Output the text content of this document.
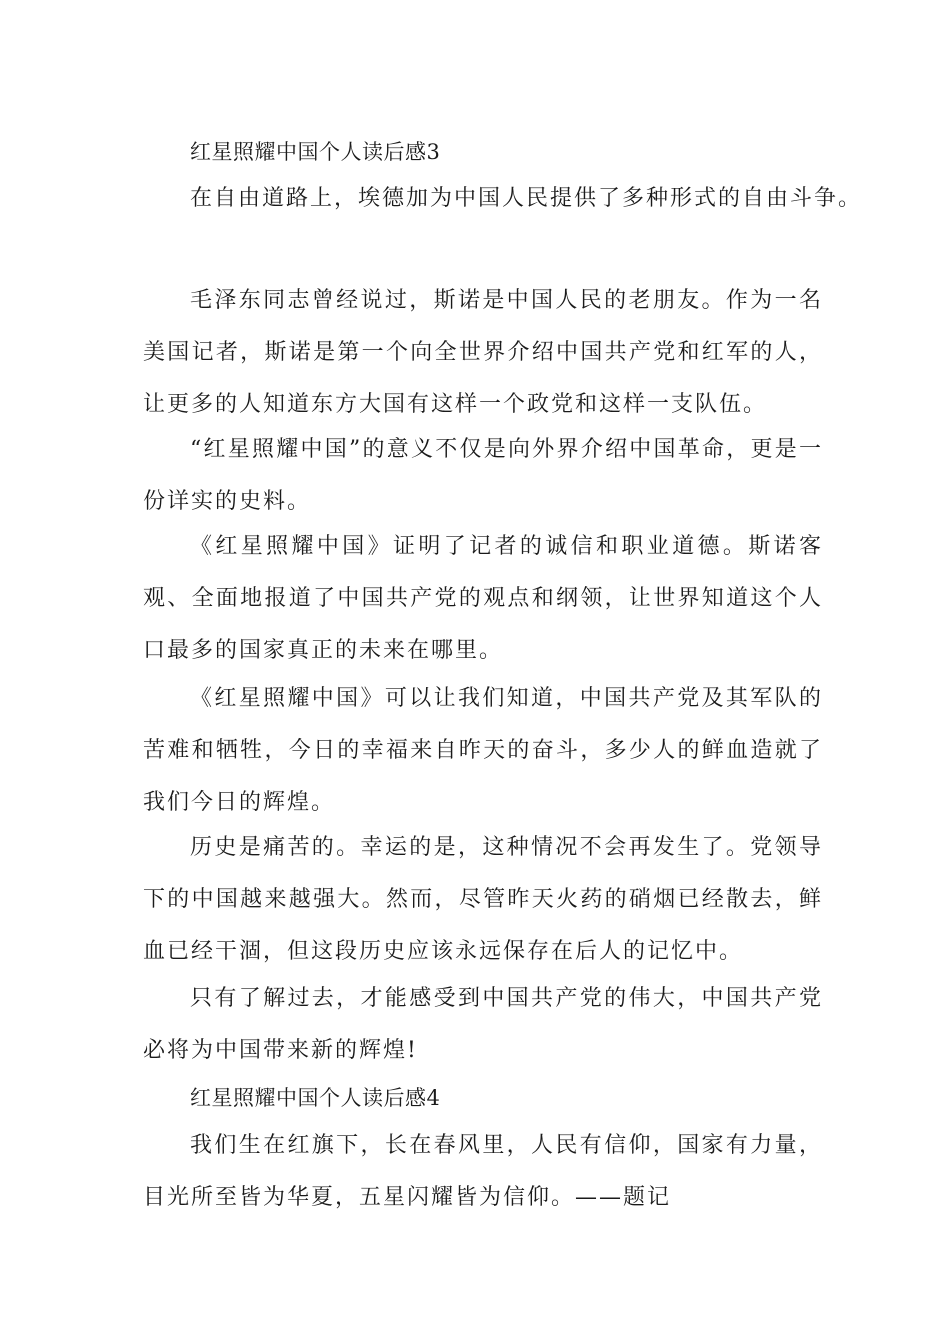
红星照耀中国个人读后感3
在自由道路上，埃德加为中国人民提供了多种形式的自由斗争。

毛泽东同志曾经说过，斯诺是中国人民的老朋友。作为一名美国记者，斯诺是第一个向全世界介绍中国共产党和红军的人，让更多的人知道东方大国有这样一个政党和这样一支队伍。

“红星照耀中国”的意义不仅是向外界介绍中国革命，更是一份详实的史料。

《红星照耀中国》证明了记者的诚信和职业道德。斯诺客观、全面地报道了中国共产党的观点和纲领，让世界知道这个人口最多的国家真正的未来在哪里。

《红星照耀中国》可以让我们知道，中国共产党及其军队的苦难和牺牲，今日的幸福来自昨天的奋斗，多少人的鲜血造就了我们今日的辉煌。

历史是痛苦的。幸运的是，这种情况不会再发生了。党领导下的中国越来越强大。然而，尽管昨天火药的硝烟已经散去，鲜血已经干涸，但这段历史应该永远保存在后人的记忆中。

只有了解过去，才能感受到中国共产党的伟大，中国共产党必将为中国带来新的辉煌!

红星照耀中国个人读后感4

我们生在红旗下，长在春风里，人民有信仰，国家有力量，目光所至皆为华夏，五星闪耀皆为信仰。——题记
